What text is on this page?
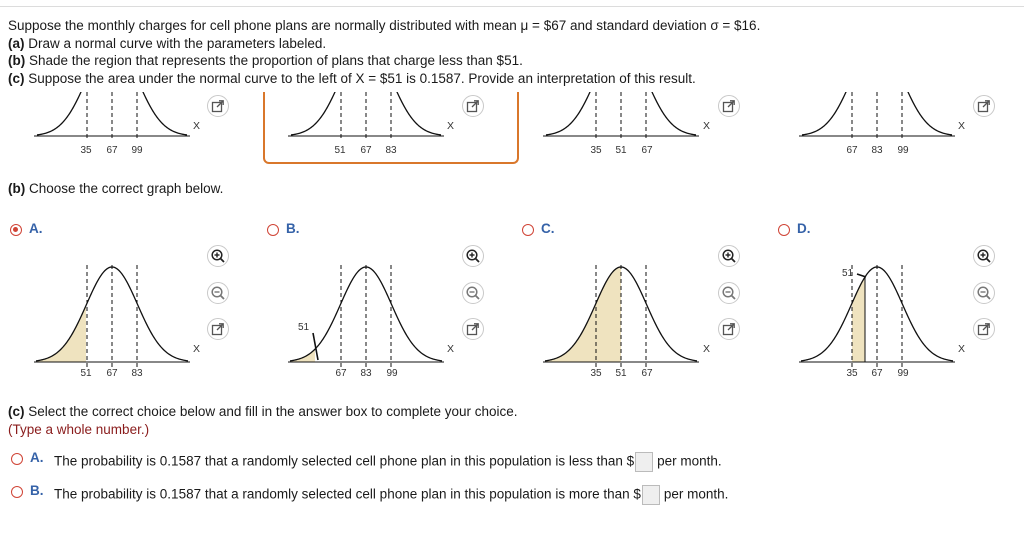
Suppose the monthly charges for cell phone plans are normally distributed with mean μ = $67 and standard deviation σ = $16.
(a) Draw a normal curve with the parameters labeled.
(b) Shade the region that represents the proportion of plans that charge less than $51.
(c) Suppose the area under the normal curve to the left of X = $51 is 0.1587. Provide an interpretation of this result.
35 67 99	51 67 83	35 51 67	67 83 99
X	X	X	X
(b) Choose the correct graph below.
A.	B.	C.	D.
51 67 83	67 83 99	35 51 67	35 67 99
X	X	X	X
51
51
(c) Select the correct choice below and fill in the answer box to complete your choice.
(Type a whole number.)
A. The probability is 0.1587 that a randomly selected cell phone plan in this population is less than $ per month.
B. The probability is 0.1587 that a randomly selected cell phone plan in this population is more than $ per month.
